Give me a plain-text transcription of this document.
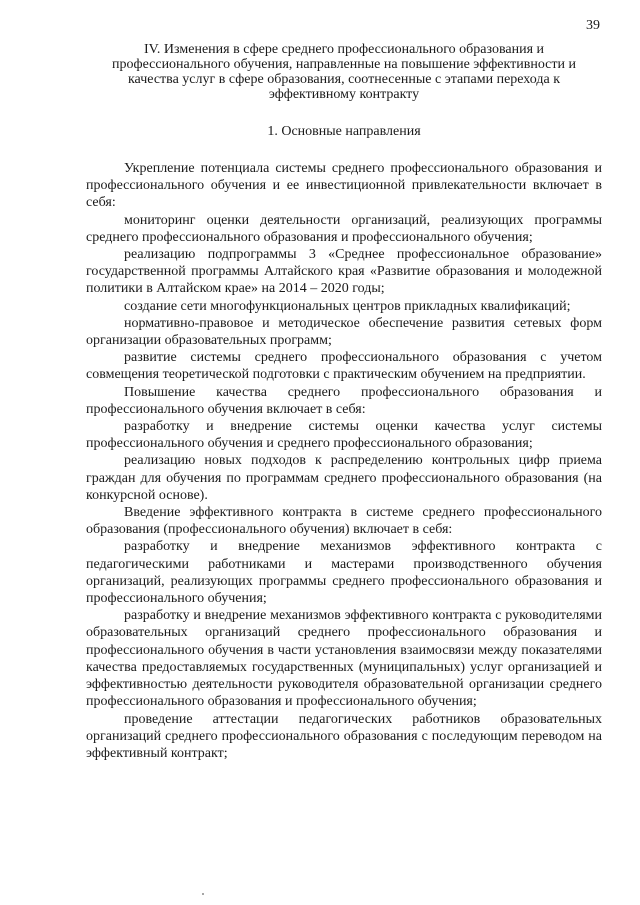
39
IV. Изменения в сфере среднего профессионального образования и профессионального обучения, направленные на повышение эффективности и качества услуг в сфере образования, соотнесенные с этапами перехода к эффективному контракту
1. Основные направления

Укрепление потенциала системы среднего профессионального образования и профессионального обучения и ее инвестиционной привлекательности включает в себя:

мониторинг оценки деятельности организаций, реализующих программы среднего профессионального образования и профессионального обучения;

реализацию подпрограммы 3 «Среднее профессиональное образование» государственной программы Алтайского края «Развитие образования и молодежной политики в Алтайском крае» на 2014 – 2020 годы;

создание сети многофункциональных центров прикладных квалификаций;

нормативно-правовое и методическое обеспечение развития сетевых форм организации образовательных программ;

развитие системы среднего профессионального образования с учетом совмещения теоретической подготовки с практическим обучением на предприятии.

Повышение качества среднего профессионального образования и профессионального обучения включает в себя:

разработку и внедрение системы оценки качества услуг системы профессионального обучения и среднего профессионального образования;

реализацию новых подходов к распределению контрольных цифр приема граждан для обучения по программам среднего профессионального образования (на конкурсной основе).

Введение эффективного контракта в системе среднего профессионального образования (профессионального обучения) включает в себя:

разработку и внедрение механизмов эффективного контракта с педагогическими работниками и мастерами производственного обучения организаций, реализующих программы среднего профессионального образования и профессионального обучения;

разработку и внедрение механизмов эффективного контракта с руководителями образовательных организаций среднего профессионального образования и профессионального обучения в части установления взаимосвязи между показателями качества предоставляемых государственных (муниципальных) услуг организацией и эффективностью деятельности руководителя образовательной организации среднего профессионального образования и профессионального обучения;

проведение аттестации педагогических работников образовательных организаций среднего профессионального образования с последующим переводом на эффективный контракт;
